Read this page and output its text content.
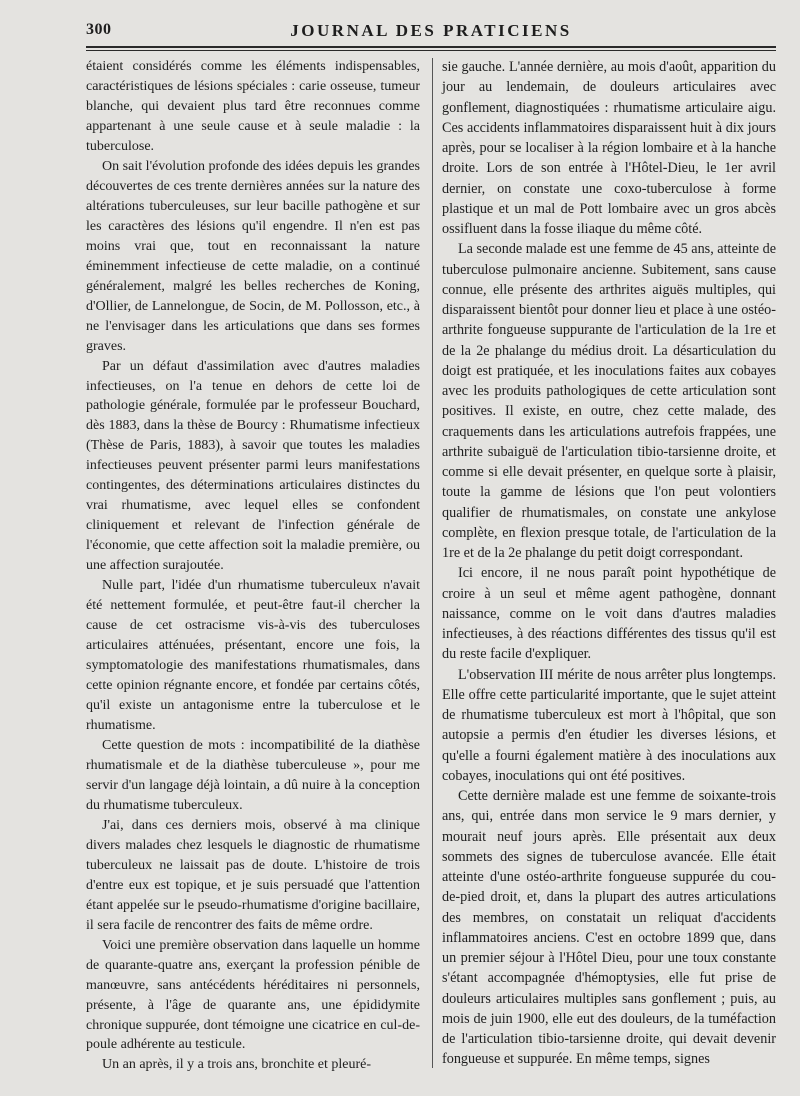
300	JOURNAL DES PRATICIENS

étaient considérés comme les éléments indispensables, caractéristiques de lésions spéciales : carie osseuse, tumeur blanche, qui devaient plus tard être reconnues comme appartenant à une seule cause et à seule maladie : la tuberculose.

On sait l'évolution profonde des idées depuis les grandes découvertes de ces trente dernières années sur la nature des altérations tuberculeuses, sur leur bacille pathogène et sur les caractères des lésions qu'il engendre. Il n'en est pas moins vrai que, tout en reconnaissant la nature éminemment infectieuse de cette maladie, on a continué généralement, malgré les belles recherches de Koning, d'Ollier, de Lannelongue, de Socin, de M. Pollosson, etc., à ne l'envisager dans les articulations que dans ses formes graves.

Par un défaut d'assimilation avec d'autres maladies infectieuses, on l'a tenue en dehors de cette loi de pathologie générale, formulée par le professeur Bouchard, dès 1883, dans la thèse de Bourcy : Rhumatisme infectieux (Thèse de Paris, 1883), à savoir que toutes les maladies infectieuses peuvent présenter parmi leurs manifestations contingentes, des déterminations articulaires distinctes du vrai rhumatisme, avec lequel elles se confondent cliniquement et relevant de l'infection générale de l'économie, que cette affection soit la maladie première, ou une affection surajoutée.

Nulle part, l'idée d'un rhumatisme tuberculeux n'avait été nettement formulée, et peut-être faut-il chercher la cause de cet ostracisme vis-à-vis des tuberculoses articulaires atténuées, présentant, encore une fois, la symptomatologie des manifestations rhumatismales, dans cette opinion régnante encore, et fondée par certains côtés, qu'il existe un antagonisme entre la tuberculose et le rhumatisme.

Cette question de mots : incompatibilité de la diathèse rhumatismale et de la diathèse tuberculeuse », pour me servir d'un langage déjà lointain, a dû nuire à la conception du rhumatisme tuberculeux.

J'ai, dans ces derniers mois, observé à ma clinique divers malades chez lesquels le diagnostic de rhumatisme tuberculeux ne laissait pas de doute. L'histoire de trois d'entre eux est topique, et je suis persuadé que l'attention étant appelée sur le pseudo-rhumatisme d'origine bacillaire, il sera facile de rencontrer des faits de même ordre.

Voici une première observation dans laquelle un homme de quarante-quatre ans, exerçant la profession pénible de manœuvre, sans antécédents héréditaires ni personnels, présente, à l'âge de quarante ans, une épididymite chronique suppurée, dont témoigne une cicatrice en cul-de-poule adhérente au testicule.

Un an après, il y a trois ans, bronchite et pleuré-

sie gauche. L'année dernière, au mois d'août, apparition du jour au lendemain, de douleurs articulaires avec gonflement, diagnostiquées : rhumatisme articulaire aigu. Ces accidents inflammatoires disparaissent huit à dix jours après, pour se localiser à la région lombaire et à la hanche droite. Lors de son entrée à l'Hôtel-Dieu, le 1er avril dernier, on constate une coxo-tuberculose à forme plastique et un mal de Pott lombaire avec un gros abcès ossifluent dans la fosse iliaque du même côté.

La seconde malade est une femme de 45 ans, atteinte de tuberculose pulmonaire ancienne. Subitement, sans cause connue, elle présente des arthrites aiguës multiples, qui disparaissent bientôt pour donner lieu et place à une ostéo-arthrite fongueuse suppurante de l'articulation de la 1re et de la 2e phalange du médius droit. La désarticulation du doigt est pratiquée, et les inoculations faites aux cobayes avec les produits pathologiques de cette articulation sont positives. Il existe, en outre, chez cette malade, des craquements dans les articulations autrefois frappées, une arthrite subaiguë de l'articulation tibio-tarsienne droite, et comme si elle devait présenter, en quelque sorte à plaisir, toute la gamme de lésions que l'on peut volontiers qualifier de rhumatismales, on constate une ankylose complète, en flexion presque totale, de l'articulation de la 1re et de la 2e phalange du petit doigt correspondant.

Ici encore, il ne nous paraît point hypothétique de croire à un seul et même agent pathogène, donnant naissance, comme on le voit dans d'autres maladies infectieuses, à des réactions différentes des tissus qu'il est du reste facile d'expliquer.

L'observation III mérite de nous arrêter plus longtemps. Elle offre cette particularité importante, que le sujet atteint de rhumatisme tuberculeux est mort à l'hôpital, que son autopsie a permis d'en étudier les diverses lésions, et qu'elle a fourni également matière à des inoculations aux cobayes, inoculations qui ont été positives.

Cette dernière malade est une femme de soixante-trois ans, qui, entrée dans mon service le 9 mars dernier, y mourait neuf jours après. Elle présentait aux deux sommets des signes de tuberculose avancée. Elle était atteinte d'une ostéo-arthrite fongueuse suppurée du cou-de-pied droit, et, dans la plupart des autres articulations des membres, on constatait un reliquat d'accidents inflammatoires anciens. C'est en octobre 1899 que, dans un premier séjour à l'Hôtel Dieu, pour une toux constante s'étant accompagnée d'hémoptysies, elle fut prise de douleurs articulaires multiples sans gonflement ; puis, au mois de juin 1900, elle eut des douleurs, de la tuméfaction de l'articulation tibio-tarsienne droite, qui devait devenir fongueuse et suppurée. En même temps, signes
